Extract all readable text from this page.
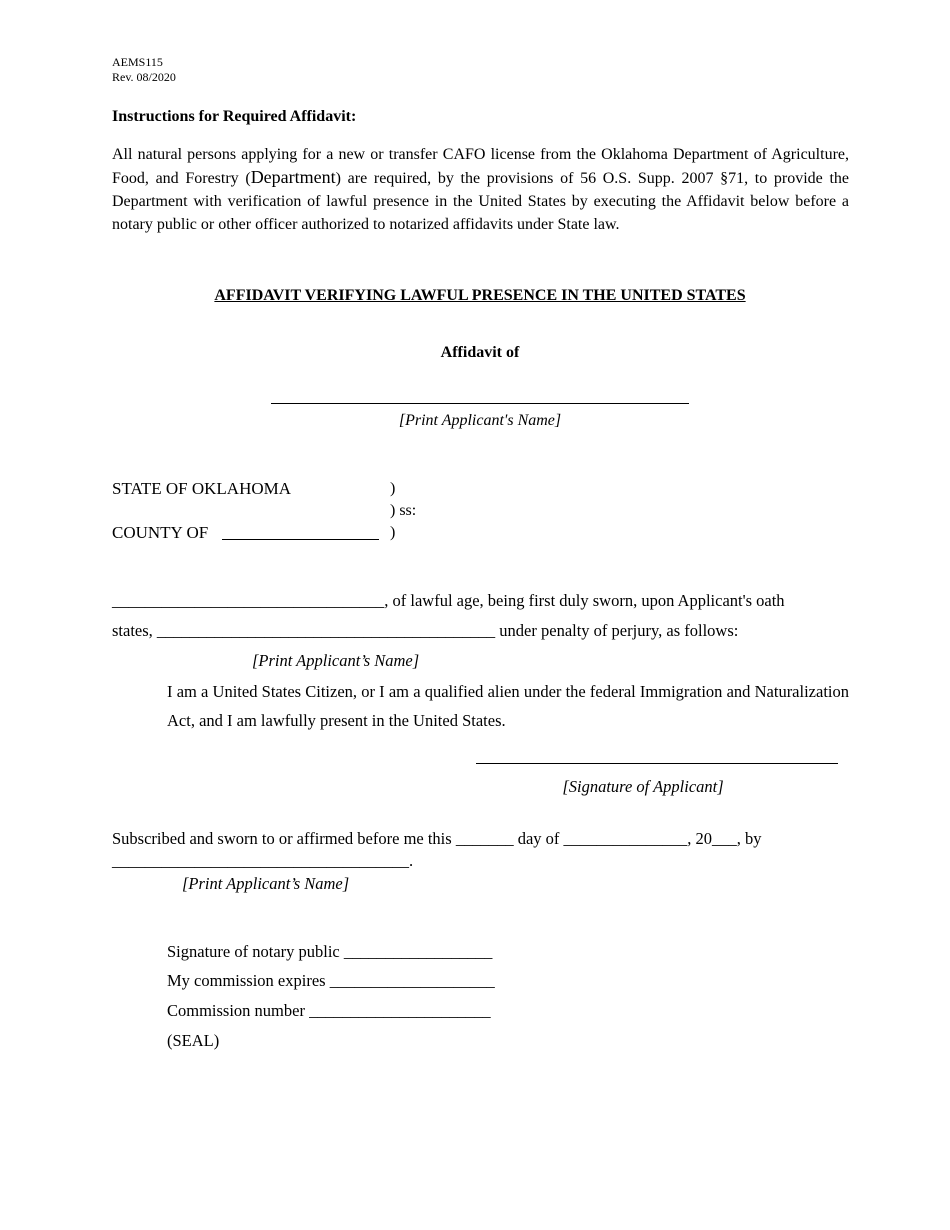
AEMS115
Rev. 08/2020
Instructions for Required Affidavit:
All natural persons applying for a new or transfer CAFO license from the Oklahoma Department of Agriculture, Food, and Forestry (Department) are required, by the provisions of 56 O.S. Supp. 2007 §71, to provide the Department with verification of lawful presence in the United States by executing the Affidavit below before a notary public or other officer authorized to notarized affidavits under State law.
AFFIDAVIT VERIFYING LAWFUL PRESENCE IN THE UNITED STATES
Affidavit of
[Print Applicant's Name]
STATE OF OKLAHOMA	)
) ss:
COUNTY OF	)
_________________________________, of lawful age, being first duly sworn, upon Applicant's oath
states, _________________________________________ under penalty of perjury, as follows:
[Print Applicant’s Name]
I am a United States Citizen, or I am a qualified alien under the federal Immigration and Naturalization Act, and I am lawfully present in the United States.
[Signature of Applicant]
Subscribed and sworn to or affirmed before me this _______ day of _______________, 20___, by
____________________________________.
[Print Applicant’s Name]
Signature of notary public __________________
My commission expires ____________________
Commission number ______________________
(SEAL)
